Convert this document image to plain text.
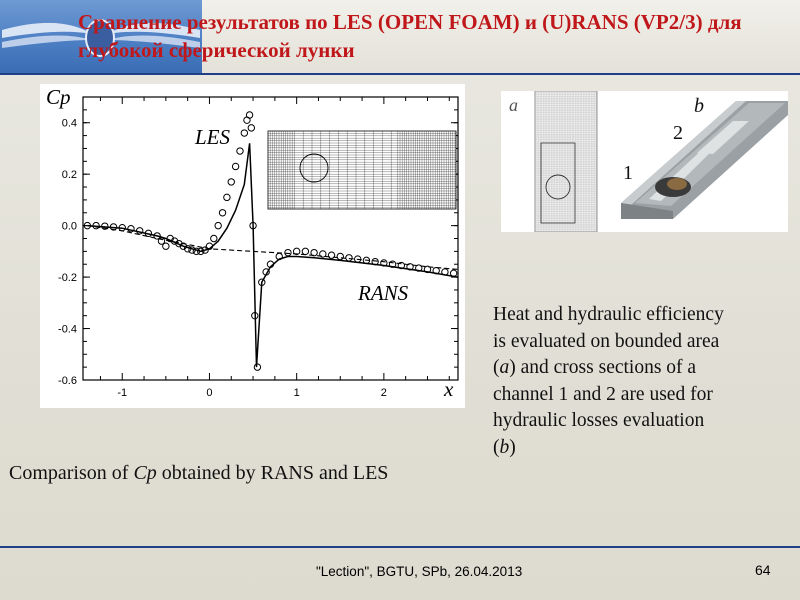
Сравнение результатов по LES (OPEN FOAM) и (U)RANS (VP2/3) для глубокой сферической лунки
-1	0	1	2
0.4
0.2
0.0
-0.2
-0.4
-0.6
Cp
x
LES
RANS
a	b
2
1
Heat and hydraulic efficiency
is evaluated on bounded area
(a) and cross sections of a
channel 1 and 2 are used for
hydraulic losses evaluation
(b)
Comparison of Cp obtained by RANS and LES
"Lection", BGTU, SPb, 26.04.2013	64
